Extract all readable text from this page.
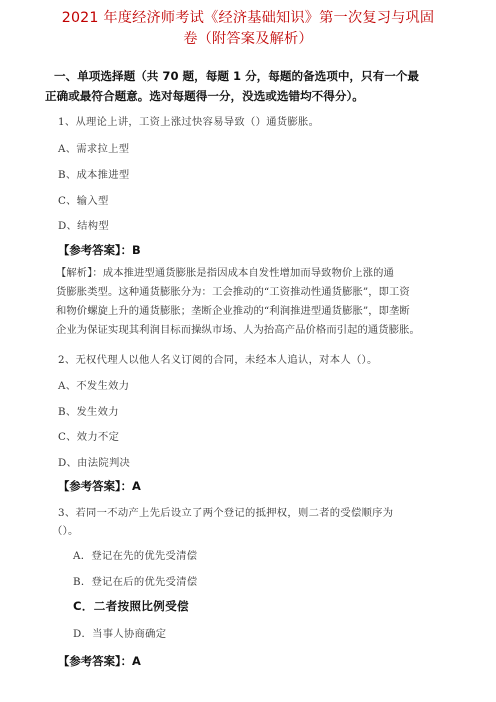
2021 年度经济师考试《经济基础知识》第一次复习与巩固
卷（附答案及解析）
一、单项选择题（共 70 题，每题 1 分，每题的备选项中，只有一个最
正确或最符合题意。选对每题得一分，没选或选错均不得分）。
1、从理论上讲，工资上涨过快容易导致（）通货膨胀。
A、需求拉上型
B、成本推进型
C、输入型
D、结构型
【参考答案】：B
【解析】：成本推进型通货膨胀是指因成本自发性增加而导致物价上涨的通
货膨胀类型。这种通货膨胀分为：工会推动的“工资推动性通货膨胀”，即工资
和物价螺旋上升的通货膨胀；垄断企业推动的“利润推进型通货膨胀”，即垄断
企业为保证实现其利润目标而操纵市场、人为抬高产品价格而引起的通货膨胀。
2、无权代理人以他人名义订阅的合同，未经本人追认，对本人（）。
A、不发生效力
B、发生效力
C、效力不定
D、由法院判决
【参考答案】：A
3、若同一不动产上先后设立了两个登记的抵押权，则二者的受偿顺序为
（）。
A．登记在先的优先受清偿
B．登记在后的优先受清偿
C．二者按照比例受偿
D．当事人协商确定
【参考答案】：A
